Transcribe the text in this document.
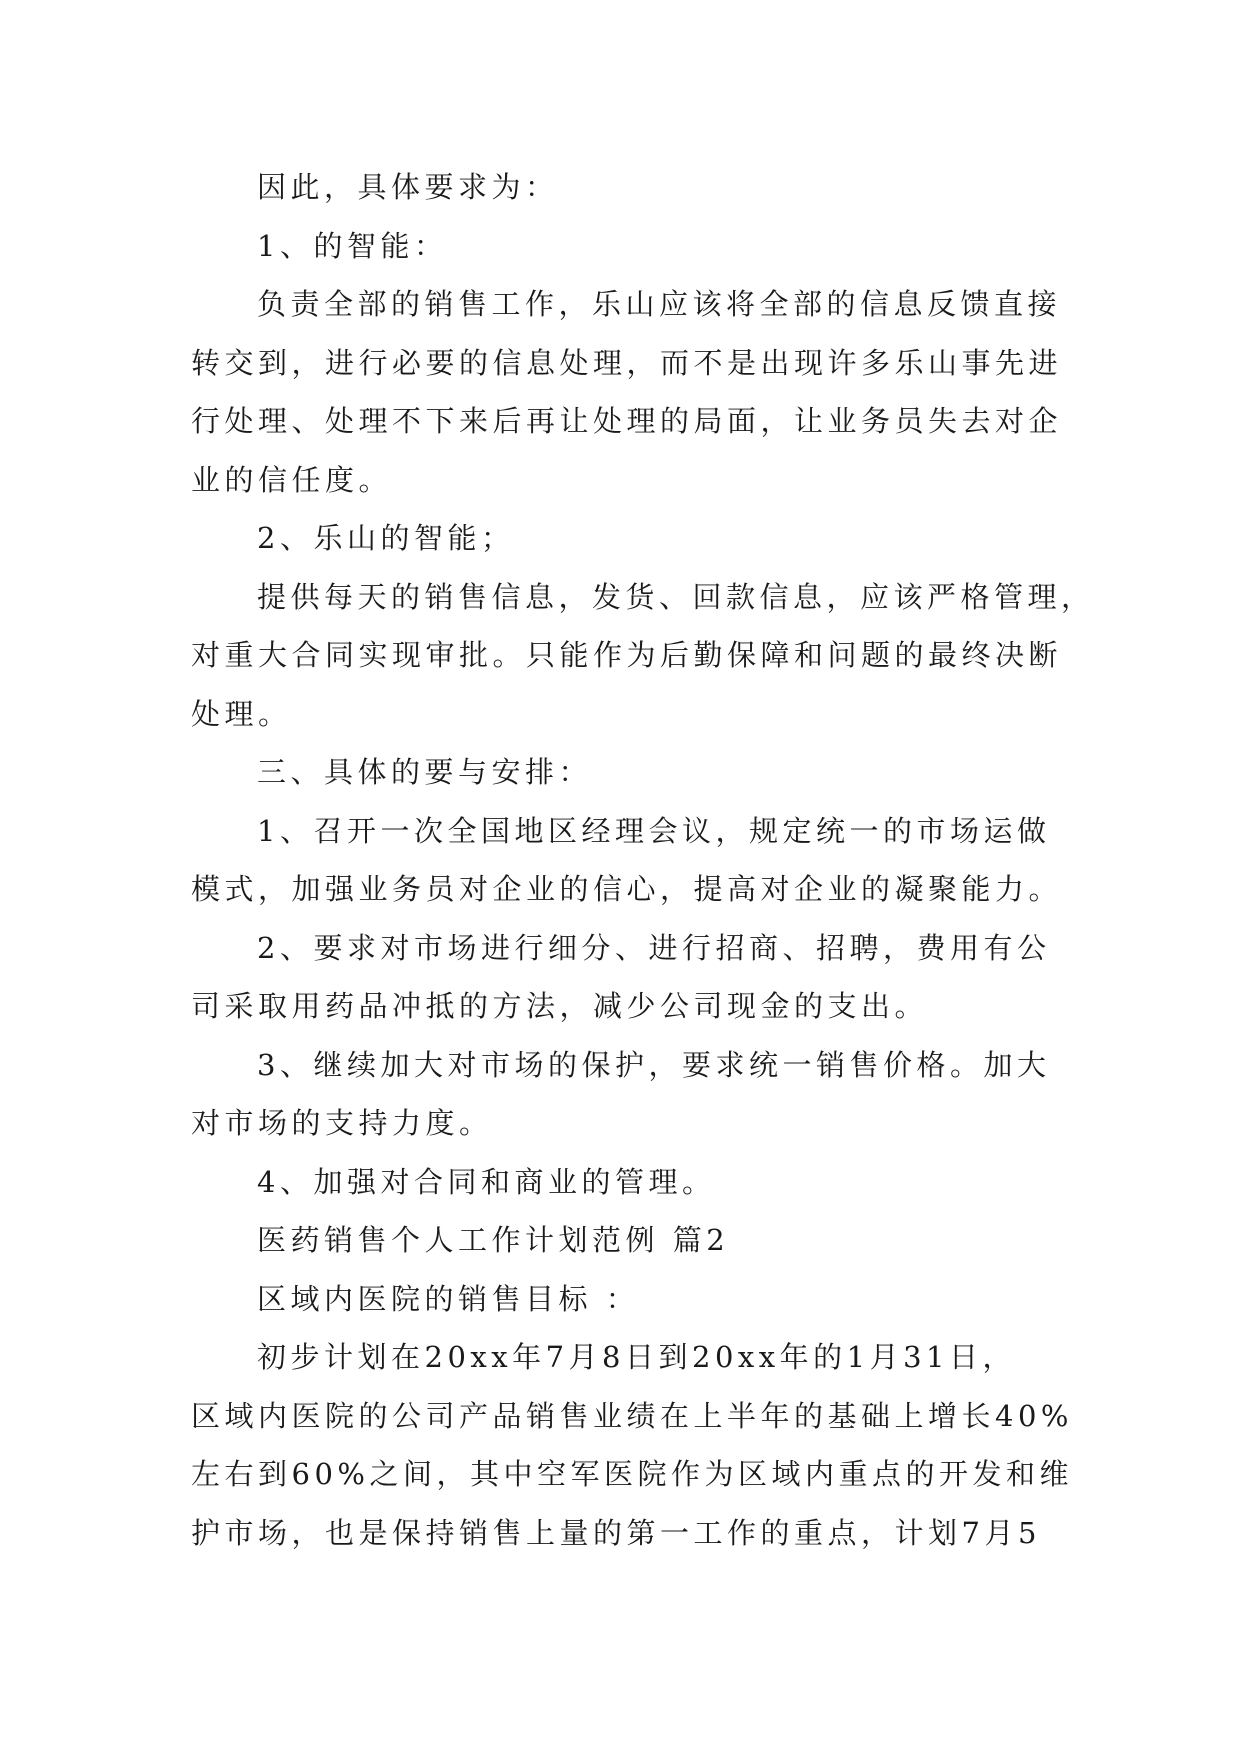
因此，具体要求为：
1、的智能：
负责全部的销售工作，乐山应该将全部的信息反馈直接
转交到，进行必要的信息处理，而不是出现许多乐山事先进
行处理、处理不下来后再让处理的局面，让业务员失去对企
业的信任度。
2、乐山的智能；
提供每天的销售信息，发货、回款信息，应该严格管理，
对重大合同实现审批。只能作为后勤保障和问题的最终决断
处理。
三、具体的要与安排：
1、召开一次全国地区经理会议，规定统一的市场运做
模式，加强业务员对企业的信心，提高对企业的凝聚能力。
2、要求对市场进行细分、进行招商、招聘，费用有公
司采取用药品冲抵的方法，减少公司现金的支出。
3、继续加大对市场的保护，要求统一销售价格。加大
对市场的支持力度。
4、加强对合同和商业的管理。
医药销售个人工作计划范例 篇2
区域内医院的销售目标 ：
初步计划在20xx年7月8日到20xx年的1月31日，
区域内医院的公司产品销售业绩在上半年的基础上增长40%
左右到60%之间，其中空军医院作为区域内重点的开发和维
护市场，也是保持销售上量的第一工作的重点，计划7月5
